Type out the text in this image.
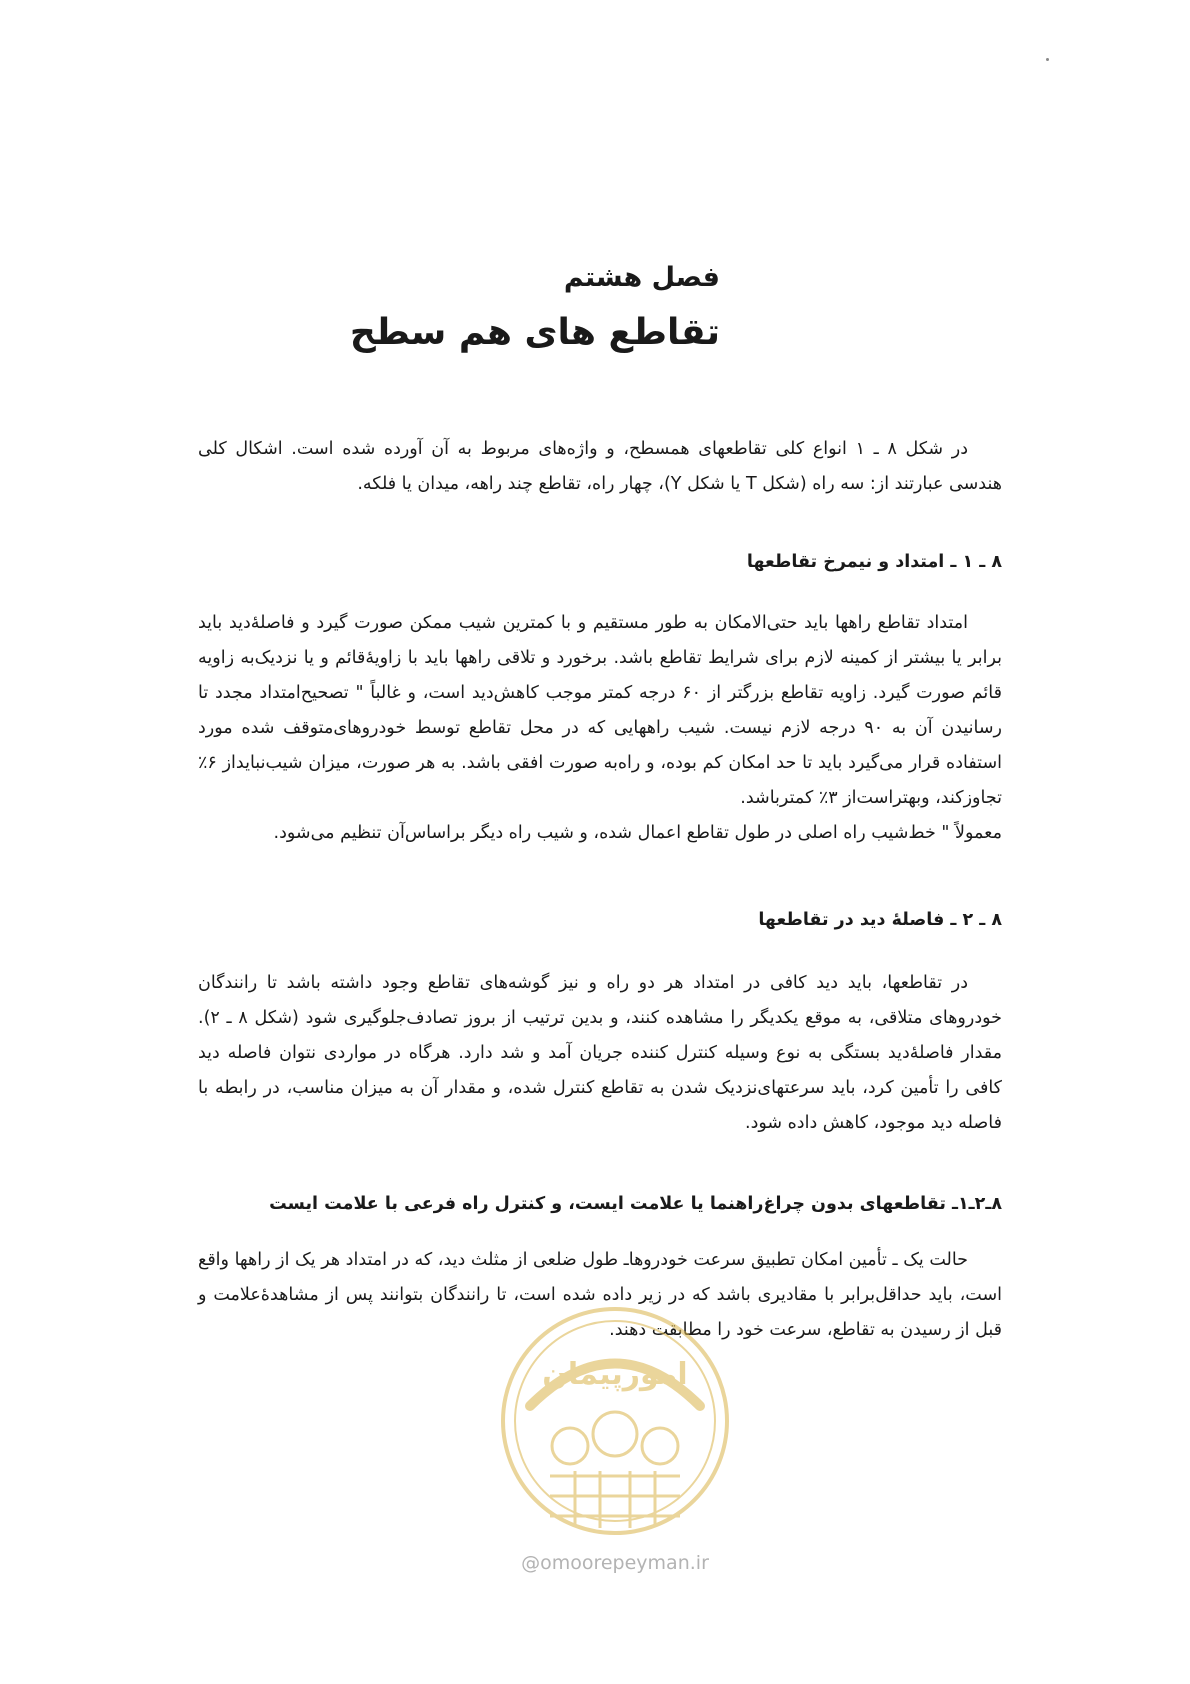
فصل هشتم
تقاطع های هم سطح

در شکل ۸ ـ ۱ انواع کلی تقاطعهای همسطح، و واژه‌های مربوط به آن آورده شده است. اشکال کلی هندسی عبارتند از: سه راه (شکل T یا شکل Y)، چهار راه، تقاطع چند راهه، میدان یا فلکه.

۸ ـ ۱ ـ امتداد و نیمرخ تقاطعها

امتداد تقاطع راهها باید حتی‌الامکان به طور مستقیم و با کمترین شیب ممکن صورت گیرد و فاصله‌ٔدید باید برابر یا بیشتر از کمینه لازم برای شرایط تقاطع باشد. برخورد و تلاقی راهها باید با زاویه‌ٔقائم و یا نزدیک‌به زاویه قائم صورت گیرد. زاویه تقاطع بزرگتر از ۶۰ درجه کمتر موجب کاهش‌دید است، و غالباً " تصحیح‌امتداد مجدد تا رسانیدن آن به ۹۰ درجه لازم نیست. شیب راههایی که در محل تقاطع توسط خودروهای‌متوقف شده مورد استفاده قرار می‌گیرد باید تا حد امکان کم بوده، و راه‌به صورت افقی باشد. به هر صورت، میزان شیب‌نباید‌از ۶٪ تجاوزکند، وبهتراست‌از ۳٪ کمترباشد.

معمولاً " خط‌شیب راه اصلی در طول تقاطع اعمال شده، و شیب راه دیگر براساس‌آن تنظیم می‌شود.

۸ ـ ۲ ـ فاصلهٔ دید در تقاطعها

در تقاطعها، باید دید کافی در امتداد هر دو راه و نیز گوشه‌های تقاطع وجود داشته باشد تا رانندگان خودروهای متلاقی، به موقع یکدیگر را مشاهده کنند، و بدین ترتیب از بروز تصادف‌جلوگیری شود (شکل ۸ ـ ۲). مقدار فاصلهٔ‌دید بستگی به نوع وسیله کنترل کننده جریان آمد و شد دارد. هرگاه در مواردی نتوان فاصله دید کافی را تأمین کرد، باید سرعتهای‌نزدیک شدن به تقاطع کنترل شده، و مقدار آن به میزان مناسب، در رابطه با فاصله دید موجود، کاهش داده شود.

۸ـ۲ـ۱ـ تقاطعهای بدون چراغ‌راهنما یا علامت ایست، و کنترل راه فرعی با علامت ایست

حالت یک ـ تأمین امکان تطبیق سرعت خودروهاـ طول ضلعی از مثلث دید، که در امتداد هر یک از راهها واقع است، باید حداقل‌برابر با مقادیری باشد که در زیر داده شده است، تا رانندگان بتوانند پس از مشاهدهٔ‌علامت و قبل از رسیدن به تقاطع، سرعت خود را مطابقت دهند.

امورپیمان
@omoorepeyman.ir
